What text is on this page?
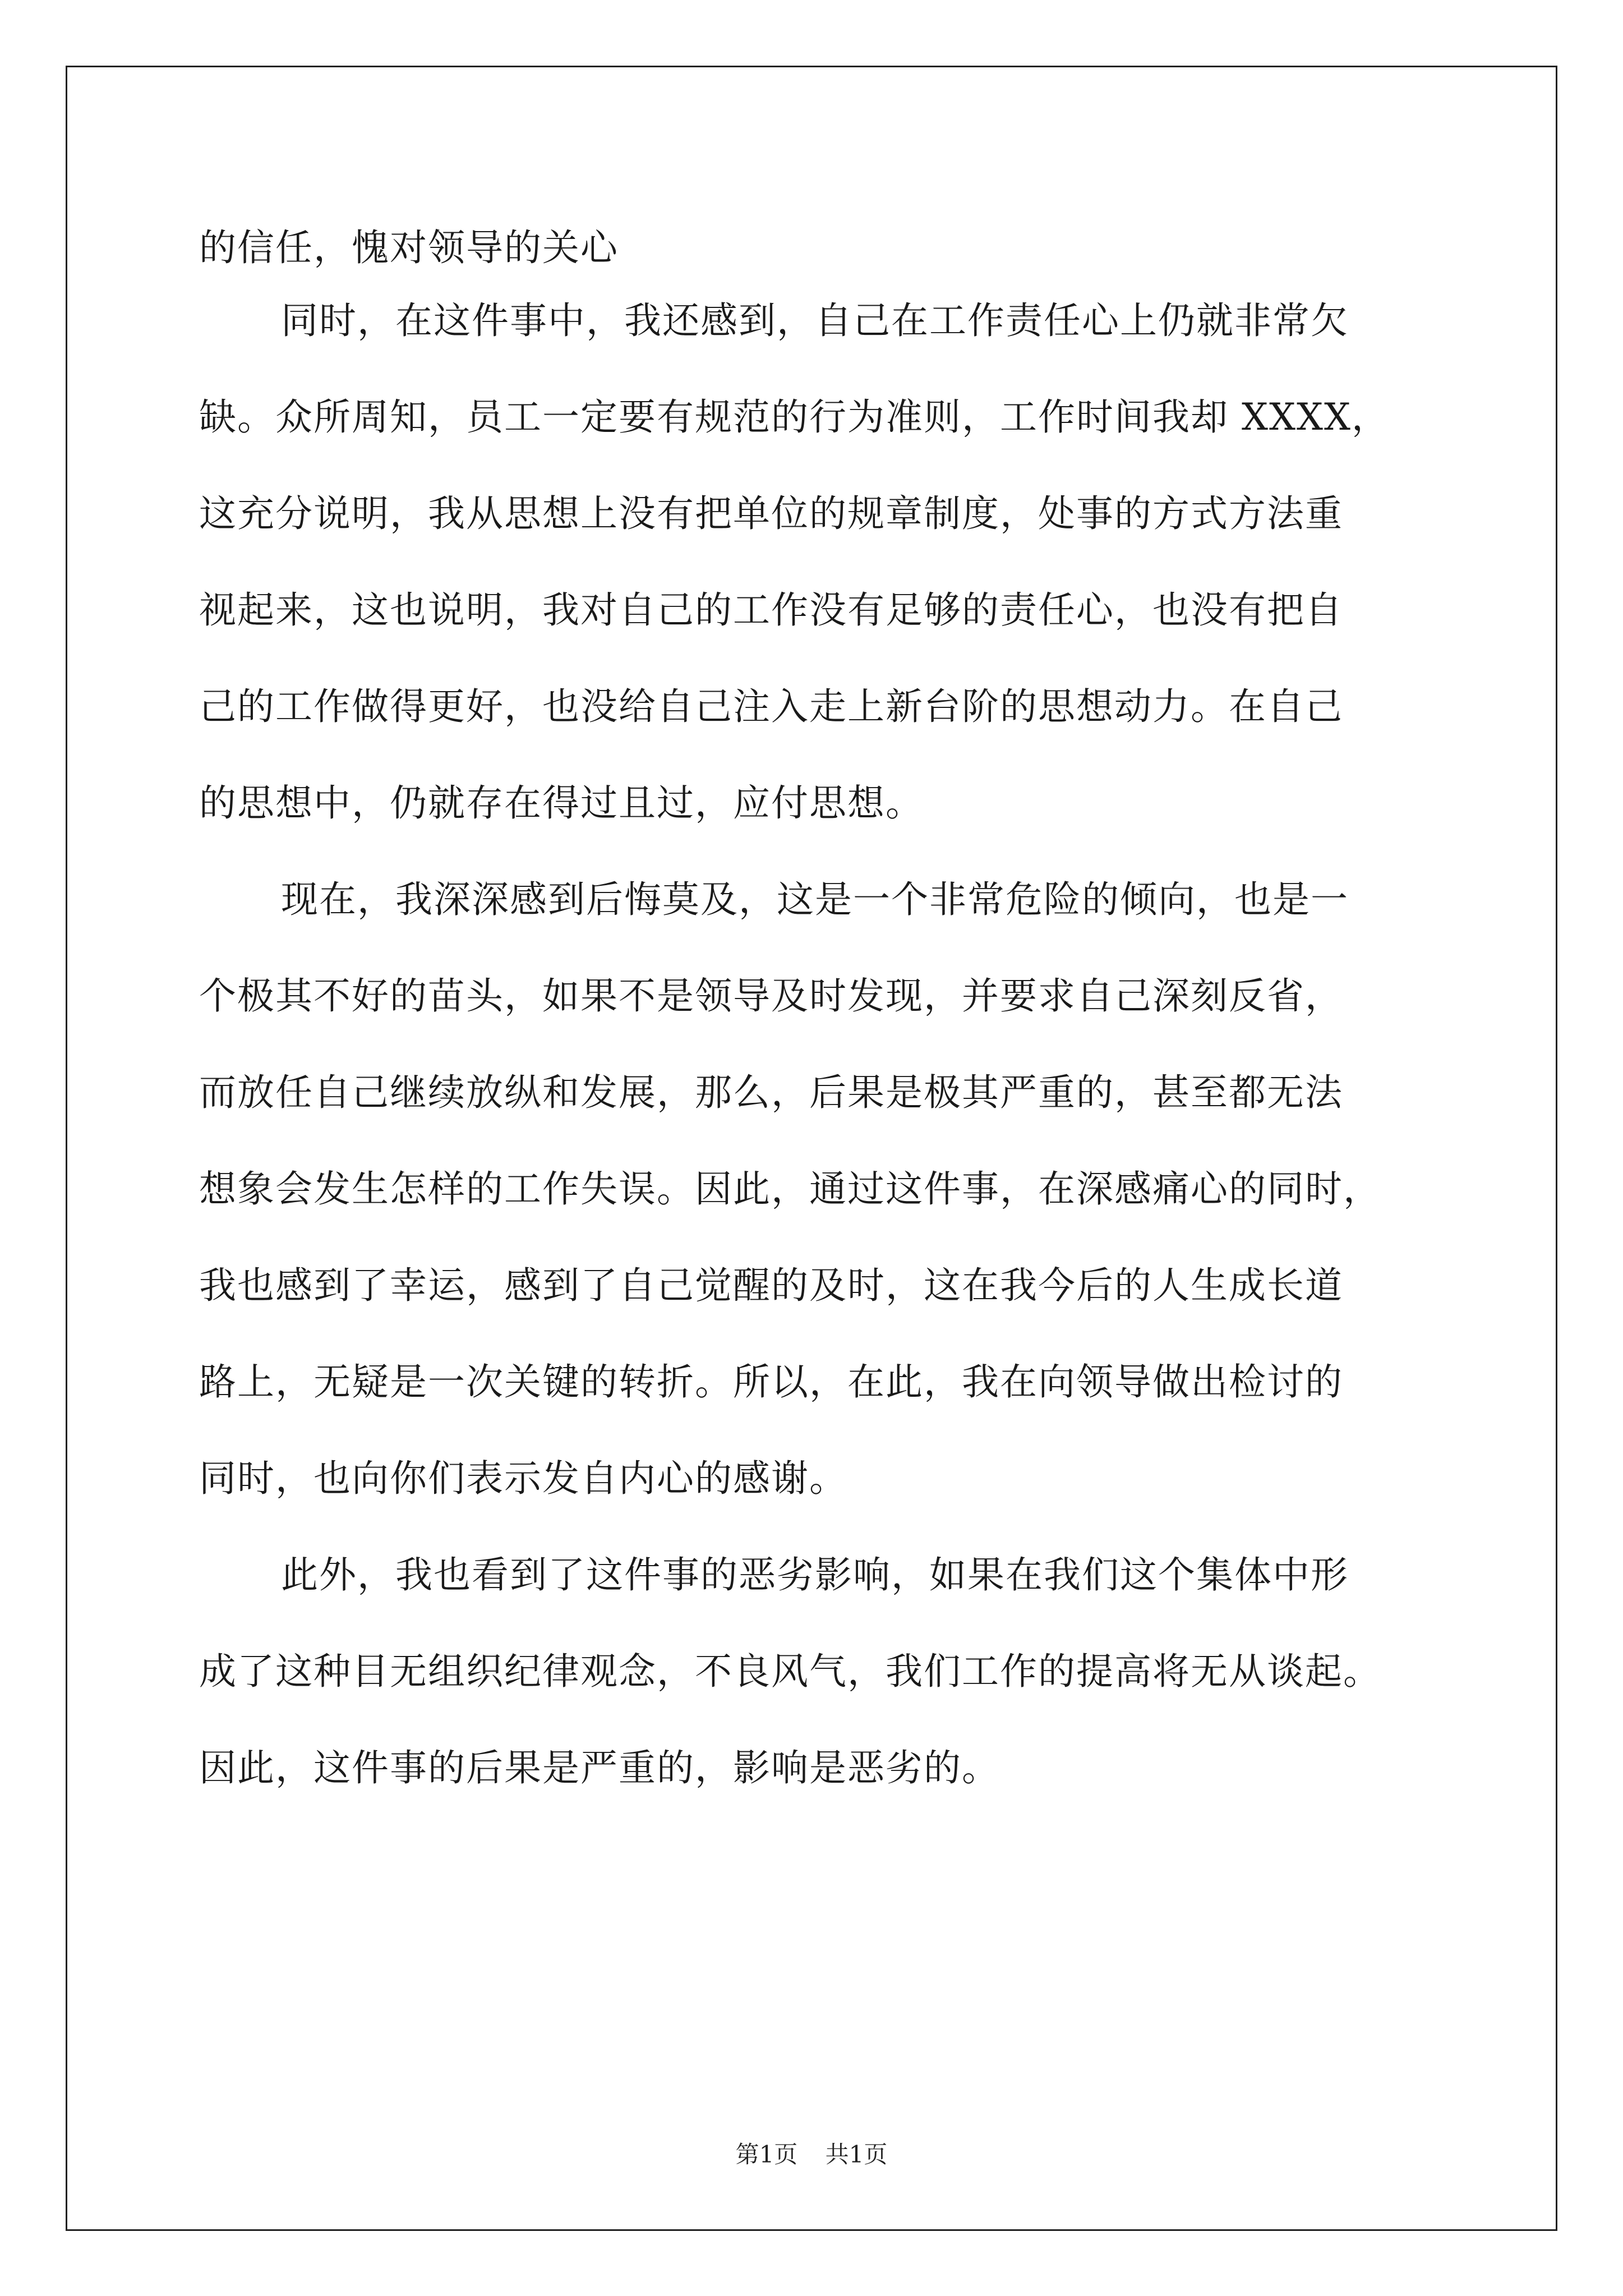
的信任，愧对领导的关心
同时，在这件事中，我还感到，自己在工作责任心上仍就非常欠
缺。众所周知，员工一定要有规范的行为准则，工作时间我却 XXXX，
这充分说明，我从思想上没有把单位的规章制度，处事的方式方法重
视起来，这也说明，我对自己的工作没有足够的责任心，也没有把自
己的工作做得更好，也没给自己注入走上新台阶的思想动力。在自己
的思想中，仍就存在得过且过，应付思想。
现在，我深深感到后悔莫及，这是一个非常危险的倾向，也是一
个极其不好的苗头，如果不是领导及时发现，并要求自己深刻反省，
而放任自己继续放纵和发展，那么，后果是极其严重的，甚至都无法
想象会发生怎样的工作失误。因此，通过这件事，在深感痛心的同时，
我也感到了幸运，感到了自己觉醒的及时，这在我今后的人生成长道
路上，无疑是一次关键的转折。所以，在此，我在向领导做出检讨的
同时，也向你们表示发自内心的感谢。
此外，我也看到了这件事的恶劣影响，如果在我们这个集体中形
成了这种目无组织纪律观念，不良风气，我们工作的提高将无从谈起。
因此，这件事的后果是严重的，影响是恶劣的。
第1页 共1页
